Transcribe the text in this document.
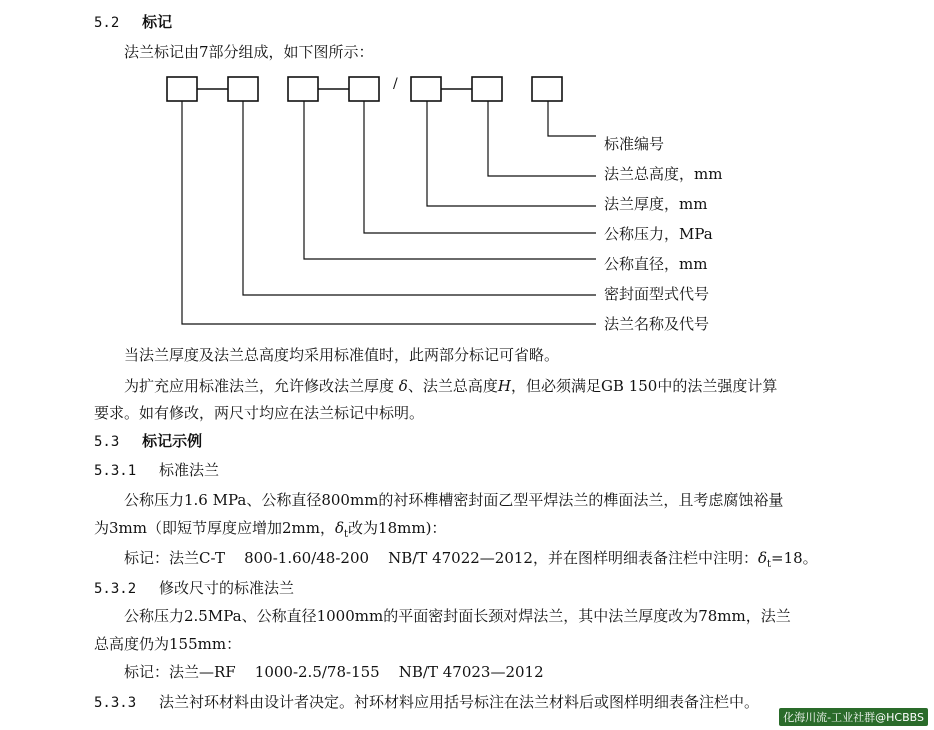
5.2 标记
法兰标记由7部分组成，如下图所示：
/
标准编号
法兰总高度，mm
法兰厚度，mm
公称压力，MPa
公称直径，mm
密封面型式代号
法兰名称及代号
当法兰厚度及法兰总高度均采用标准值时，此两部分标记可省略。
为扩充应用标准法兰，允许修改法兰厚度 δ、法兰总高度H，但必须满足GB 150中的法兰强度计算
要求。如有修改，两尺寸均应在法兰标记中标明。
5.3 标记示例
5.3.1 标准法兰
公称压力1.6 MPa、公称直径800mm的衬环榫槽密封面乙型平焊法兰的榫面法兰，且考虑腐蚀裕量
为3mm（即短节厚度应增加2mm，$\delta_t$改为18mm)：
标记：法兰C-T    800-1.60/48-200    NB/T 47022—2012，并在图样明细表备注栏中注明：$\delta_t=18$。
5.3.2 修改尺寸的标准法兰
公称压力2.5MPa、公称直径1000mm的平面密封面长颈对焊法兰，其中法兰厚度改为78mm，法兰
总高度仍为155mm：
标记：法兰—RF    1000-2.5/78-155    NB/T 47023—2012
5.3.3 法兰衬环材料由设计者决定。衬环材料应用括号标注在法兰材料后或图样明细表备注栏中。
化海川流-工业社群@HCBBS
